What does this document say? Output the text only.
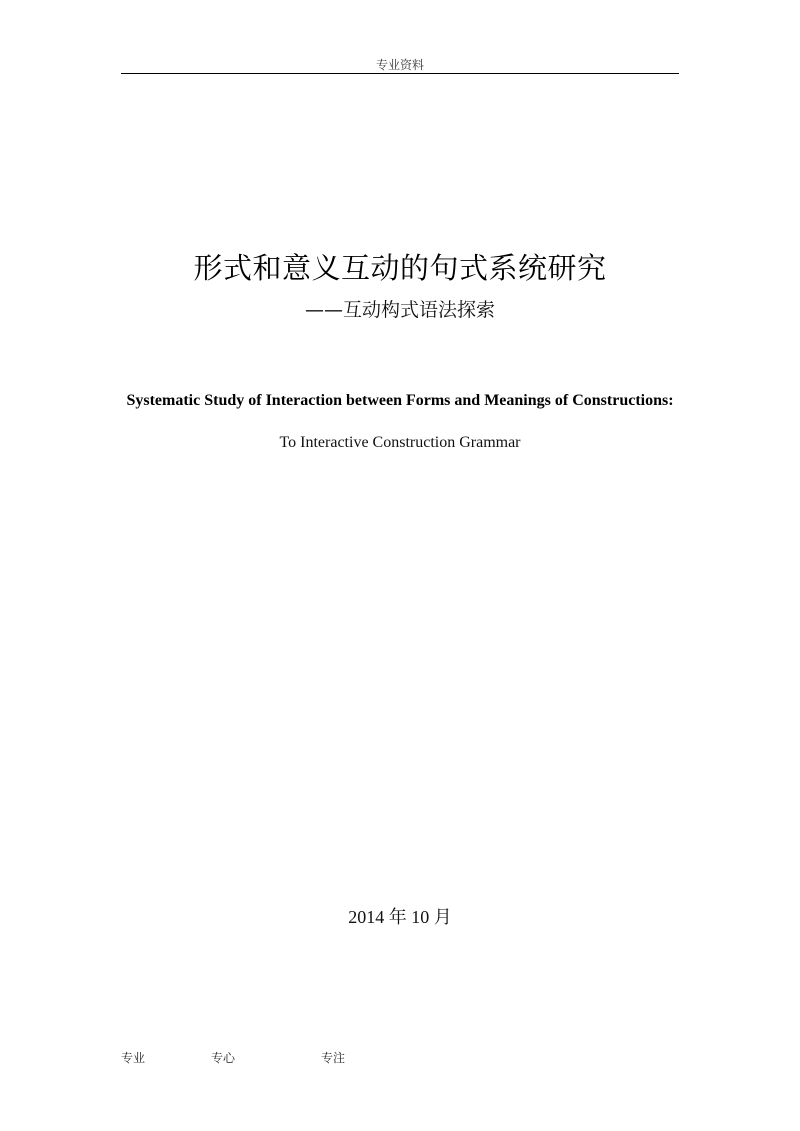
专业资料
形式和意义互动的句式系统研究
——互动构式语法探索
Systematic Study of Interaction between Forms and Meanings of Constructions:
To Interactive Construction Grammar
2014 年 10 月
专业	专心	专注
